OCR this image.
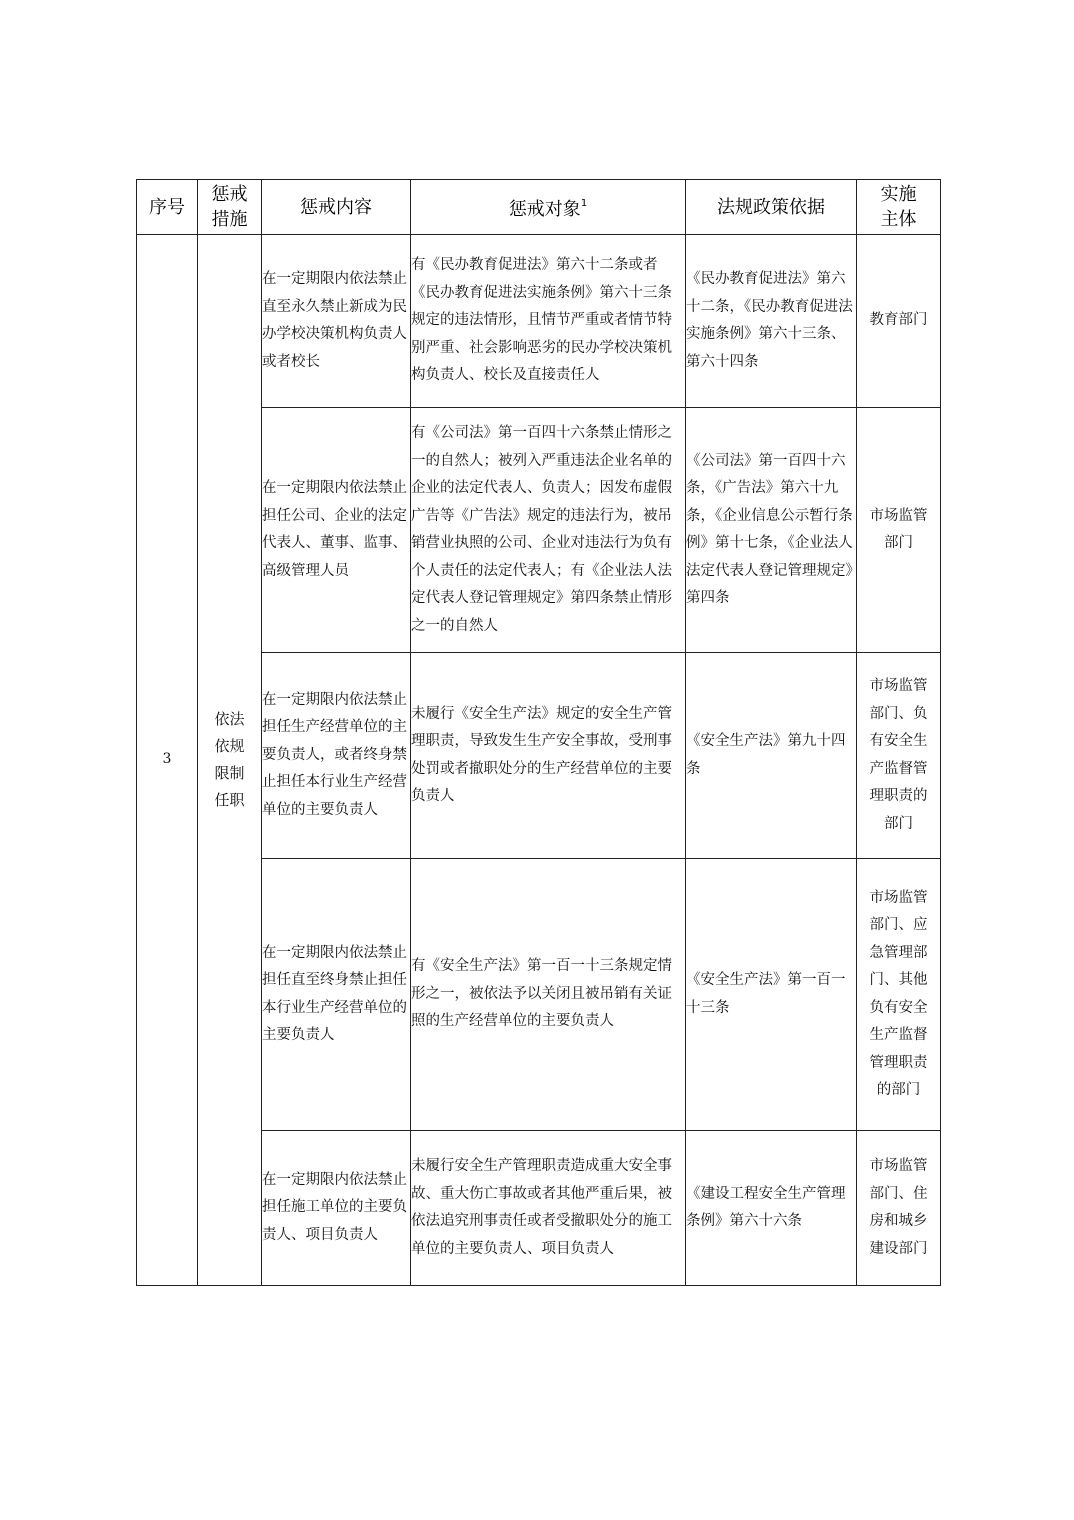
序号	惩戒措施	惩戒内容	惩戒对象$^1$	法规政策依据	实施主体
3	依法依规限制任职	在一定期限内依法禁止直至永久禁止新成为民办学校决策机构负责人或者校长	有《民办教育促进法》第六十二条或者《民办教育促进法实施条例》第六十三条规定的违法情形，且情节严重或者情节特别严重、社会影响恶劣的民办学校决策机构负责人、校长及直接责任人	《民办教育促进法》第六十二条，《民办教育促进法实施条例》第六十三条、第六十四条	教育部门

		在一定期限内依法禁止担任公司、企业的法定代表人、董事、监事、高级管理人员	有《公司法》第一百四十六条禁止情形之一的自然人；被列入严重违法企业名单的企业的法定代表人、负责人；因发布虚假广告等《广告法》规定的违法行为，被吊销营业执照的公司、企业对违法行为负有个人责任的法定代表人；有《企业法人法定代表人登记管理规定》第四条禁止情形之一的自然人	《公司法》第一百四十六条，《广告法》第六十九条，《企业信息公示暂行条例》第十七条，《企业法人法定代表人登记管理规定》第四条	市场监管部门

		在一定期限内依法禁止担任生产经营单位的主要负责人，或者终身禁止担任本行业生产经营单位的主要负责人	未履行《安全生产法》规定的安全生产管理职责，导致发生生产安全事故，受刑事处罚或者撤职处分的生产经营单位的主要负责人	《安全生产法》第九十四条	市场监管部门、负有安全生产监督管理职责的部门

		在一定期限内依法禁止担任直至终身禁止担任本行业生产经营单位的主要负责人	有《安全生产法》第一百一十三条规定情形之一，被依法予以关闭且被吊销有关证照的生产经营单位的主要负责人	《安全生产法》第一百一十三条	市场监管部门、应急管理部门、其他负有安全生产监督管理职责的部门

		在一定期限内依法禁止担任施工单位的主要负责人、项目负责人	未履行安全生产管理职责造成重大安全事故、重大伤亡事故或者其他严重后果，被依法追究刑事责任或者受撤职处分的施工单位的主要负责人、项目负责人	《建设工程安全生产管理条例》第六十六条	市场监管部门、住房和城乡建设部门
